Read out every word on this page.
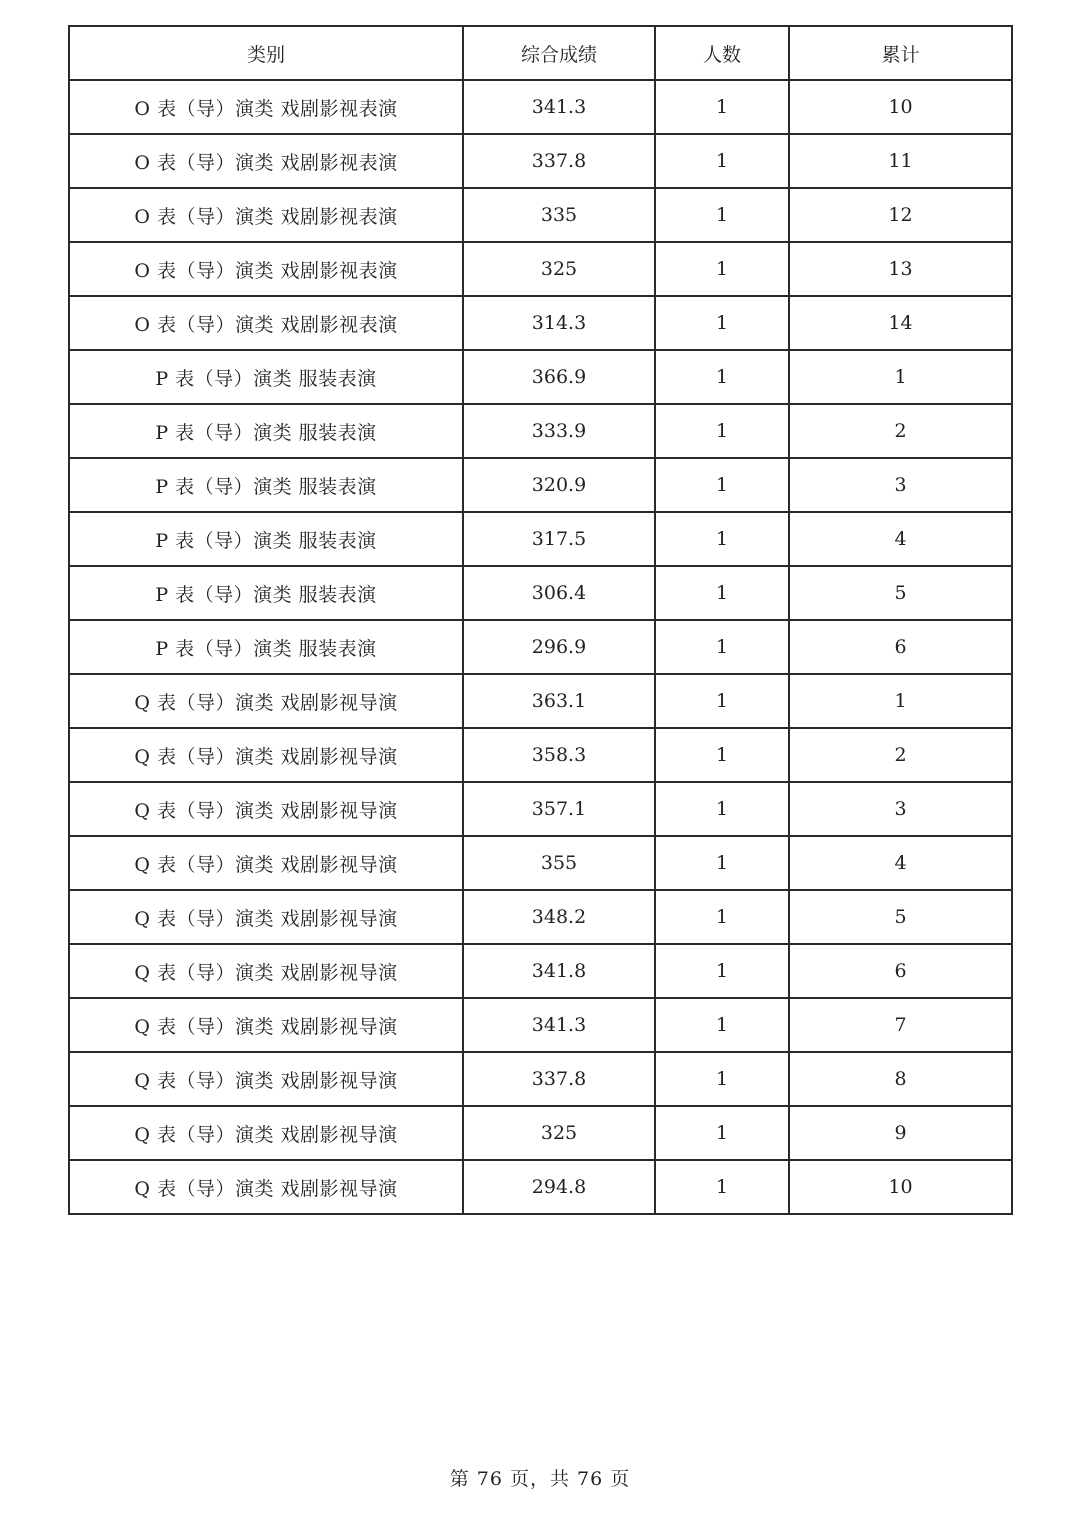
类别	综合成绩	人数	累计
O 表（导）演类 戏剧影视表演	341.3	1	10
O 表（导）演类 戏剧影视表演	337.8	1	11
O 表（导）演类 戏剧影视表演	335	1	12
O 表（导）演类 戏剧影视表演	325	1	13
O 表（导）演类 戏剧影视表演	314.3	1	14
P 表（导）演类 服装表演	366.9	1	1
P 表（导）演类 服装表演	333.9	1	2
P 表（导）演类 服装表演	320.9	1	3
P 表（导）演类 服装表演	317.5	1	4
P 表（导）演类 服装表演	306.4	1	5
P 表（导）演类 服装表演	296.9	1	6
Q 表（导）演类 戏剧影视导演	363.1	1	1
Q 表（导）演类 戏剧影视导演	358.3	1	2
Q 表（导）演类 戏剧影视导演	357.1	1	3
Q 表（导）演类 戏剧影视导演	355	1	4
Q 表（导）演类 戏剧影视导演	348.2	1	5
Q 表（导）演类 戏剧影视导演	341.8	1	6
Q 表（导）演类 戏剧影视导演	341.3	1	7
Q 表（导）演类 戏剧影视导演	337.8	1	8
Q 表（导）演类 戏剧影视导演	325	1	9
Q 表（导）演类 戏剧影视导演	294.8	1	10
第 76 页，共 76 页
